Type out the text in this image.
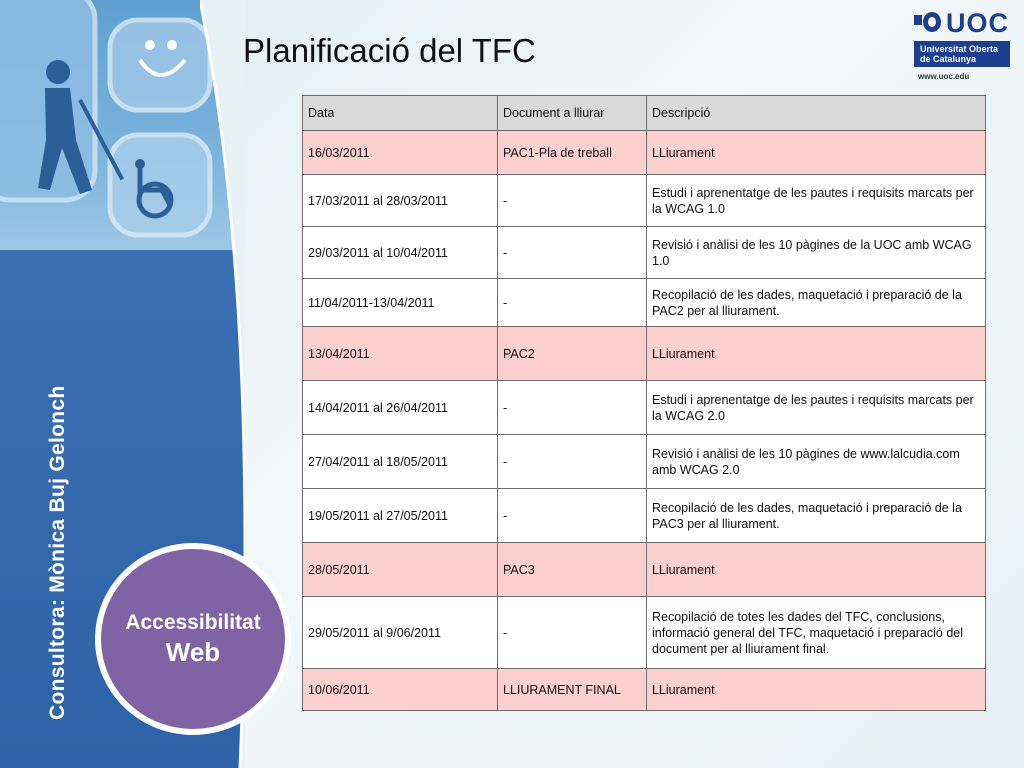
Consultora: Mònica Buj Gelonch	Accessibilitat
Web
Planificació del TFC
UOC
Universitat Oberta
de Catalunya
www.uoc.edu
Data	Document a lliurar	Descripció
16/03/2011	PAC1-Pla de treball	LLiurament
17/03/2011 al 28/03/2011	-	Estudi i aprenentatge de les pautes i requisits marcats per la WCAG 1.0
29/03/2011 al 10/04/2011	-	Revisió i anàlisi de les 10 pàgines de la UOC amb WCAG 1.0
11/04/2011-13/04/2011	-	Recopilació de les dades, maquetació i preparació de la PAC2 per al lliurament.
13/04/2011	PAC2	LLiurament
14/04/2011 al 26/04/2011	-	Estudi i aprenentatge de les pautes i requisits marcats per la WCAG 2.0
27/04/2011 al 18/05/2011	-	Revisió i anàlisi de les 10 pàgines de www.lalcudia.com amb WCAG 2.0
19/05/2011 al 27/05/2011	-	Recopilació de les dades, maquetació i preparació de la PAC3 per al lliurament.
28/05/2011	PAC3	LLiurament
29/05/2011 al 9/06/2011	-	Recopilació de totes les dades del TFC, conclusions, informació general del TFC, maquetació i preparació del document per al lliurament final.
10/06/2011	LLIURAMENT FINAL	LLiurament
